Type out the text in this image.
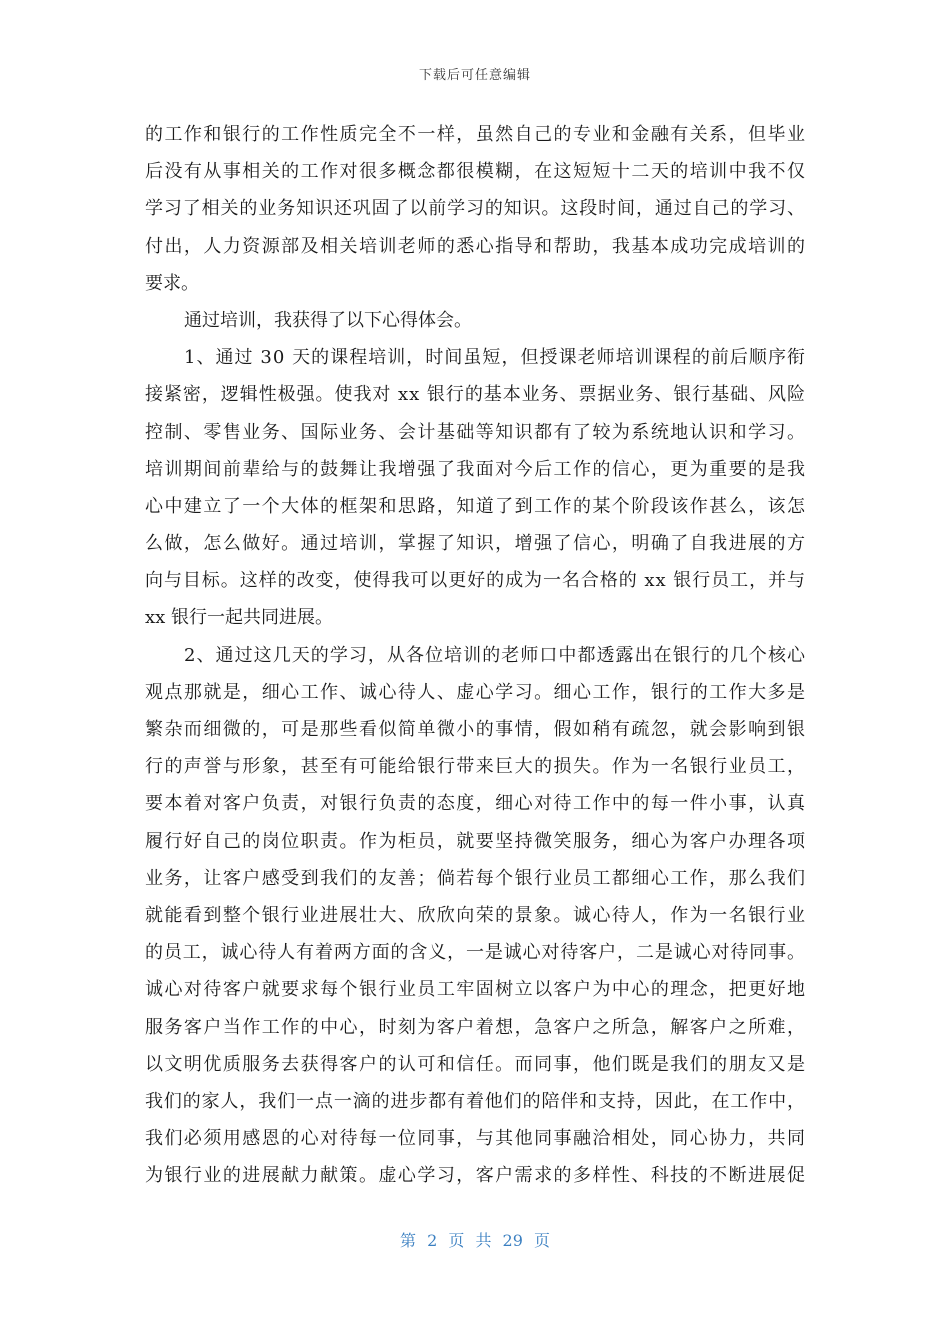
下载后可任意编辑
的工作和银行的工作性质完全不一样，虽然自己的专业和金融有关系，但毕业
后没有从事相关的工作对很多概念都很模糊，在这短短十二天的培训中我不仅
学习了相关的业务知识还巩固了以前学习的知识。这段时间，通过自己的学习、
付出，人力资源部及相关培训老师的悉心指导和帮助，我基本成功完成培训的
要求。
通过培训，我获得了以下心得体会。
1、通过 30 天的课程培训，时间虽短，但授课老师培训课程的前后顺序衔
接紧密，逻辑性极强。使我对 xx 银行的基本业务、票据业务、银行基础、风险
控制、零售业务、国际业务、会计基础等知识都有了较为系统地认识和学习。
培训期间前辈给与的鼓舞让我增强了我面对今后工作的信心，更为重要的是我
心中建立了一个大体的框架和思路，知道了到工作的某个阶段该作甚么，该怎
么做，怎么做好。通过培训，掌握了知识，增强了信心，明确了自我进展的方
向与目标。这样的改变，使得我可以更好的成为一名合格的 xx 银行员工，并与
xx 银行一起共同进展。
2、通过这几天的学习，从各位培训的老师口中都透露出在银行的几个核心
观点那就是，细心工作、诚心待人、虚心学习。细心工作，银行的工作大多是
繁杂而细微的，可是那些看似简单微小的事情，假如稍有疏忽，就会影响到银
行的声誉与形象，甚至有可能给银行带来巨大的损失。作为一名银行业员工，
要本着对客户负责，对银行负责的态度，细心对待工作中的每一件小事，认真
履行好自己的岗位职责。作为柜员，就要坚持微笑服务，细心为客户办理各项
业务，让客户感受到我们的友善；倘若每个银行业员工都细心工作，那么我们
就能看到整个银行业进展壮大、欣欣向荣的景象。诚心待人，作为一名银行业
的员工，诚心待人有着两方面的含义，一是诚心对待客户，二是诚心对待同事。
诚心对待客户就要求每个银行业员工牢固树立以客户为中心的理念，把更好地
服务客户当作工作的中心，时刻为客户着想，急客户之所急，解客户之所难，
以文明优质服务去获得客户的认可和信任。而同事，他们既是我们的朋友又是
我们的家人，我们一点一滴的进步都有着他们的陪伴和支持，因此，在工作中，
我们必须用感恩的心对待每一位同事，与其他同事融洽相处，同心协力，共同
为银行业的进展献力献策。虚心学习，客户需求的多样性、科技的不断进展促
第 2 页 共 29 页
